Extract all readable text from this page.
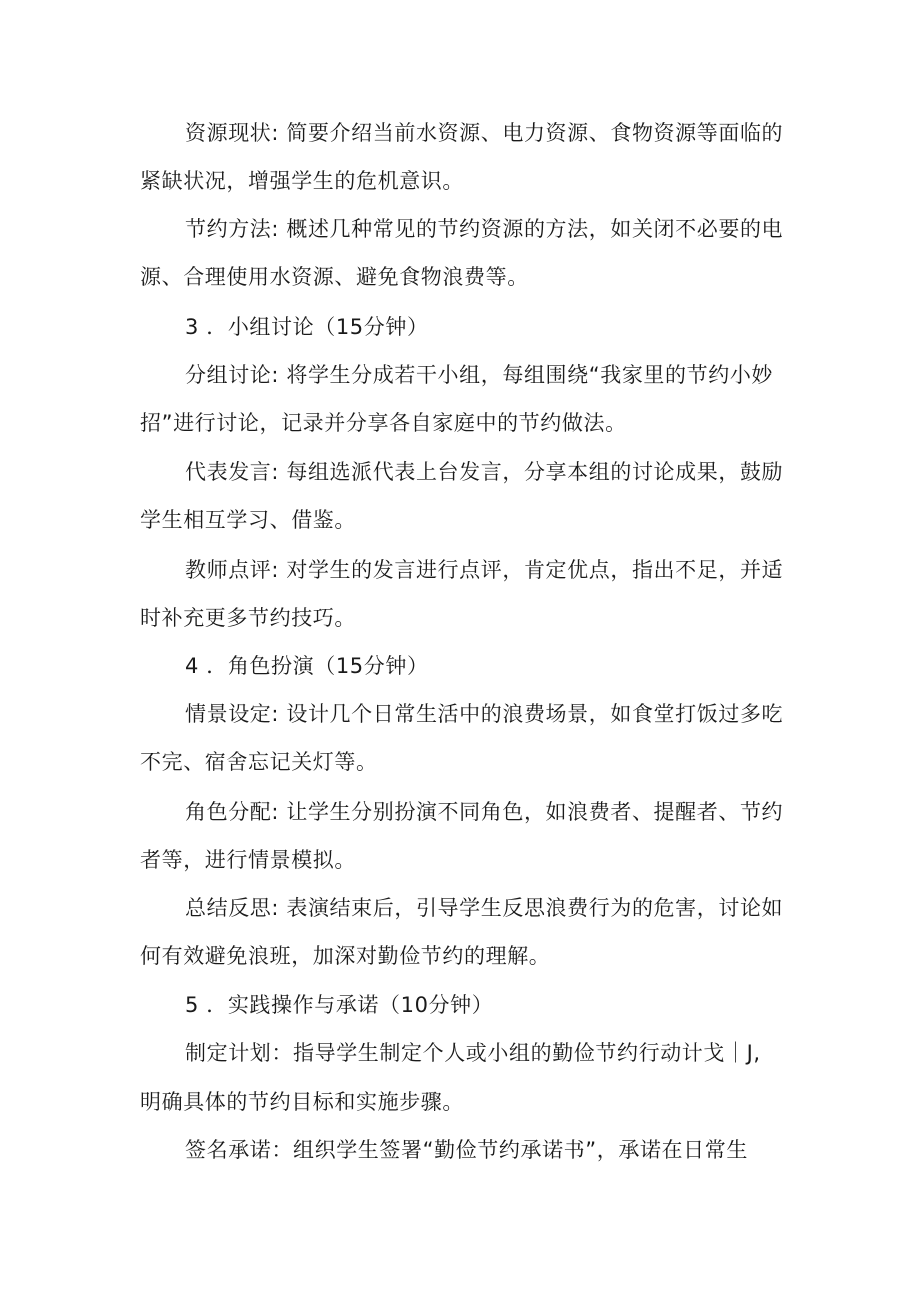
资源现状: 简要介绍当前水资源、电力资源、食物资源等面临的
紧缺状况，增强学生的危机意识。
节约方法: 概述几种常见的节约资源的方法，如关闭不必要的电
源、合理使用水资源、避免食物浪费等。
3 ．小组讨论（15分钟）
分组讨论: 将学生分成若干小组，每组围绕“我家里的节约小妙
招”进行讨论，记录并分享各自家庭中的节约做法。
代表发言: 每组选派代表上台发言，分享本组的讨论成果，鼓励
学生相互学习、借鉴。
教师点评: 对学生的发言进行点评，肯定优点，指出不足，并适
时补充更多节约技巧。
4 ．角色扮演（15分钟）
情景设定: 设计几个日常生活中的浪费场景，如食堂打饭过多吃
不完、宿舍忘记关灯等。
角色分配: 让学生分别扮演不同角色，如浪费者、提醒者、节约
者等，进行情景模拟。
总结反思: 表演结束后，引导学生反思浪费行为的危害，讨论如
何有效避免浪班，加深对勤俭节约的理解。
5 ．实践操作与承诺（10分钟）
制定计划：指导学生制定个人或小组的勤俭节约行动计戈｜J,
明确具体的节约目标和实施步骤。
签名承诺：组织学生签署“勤俭节约承诺书”，承诺在日常生
